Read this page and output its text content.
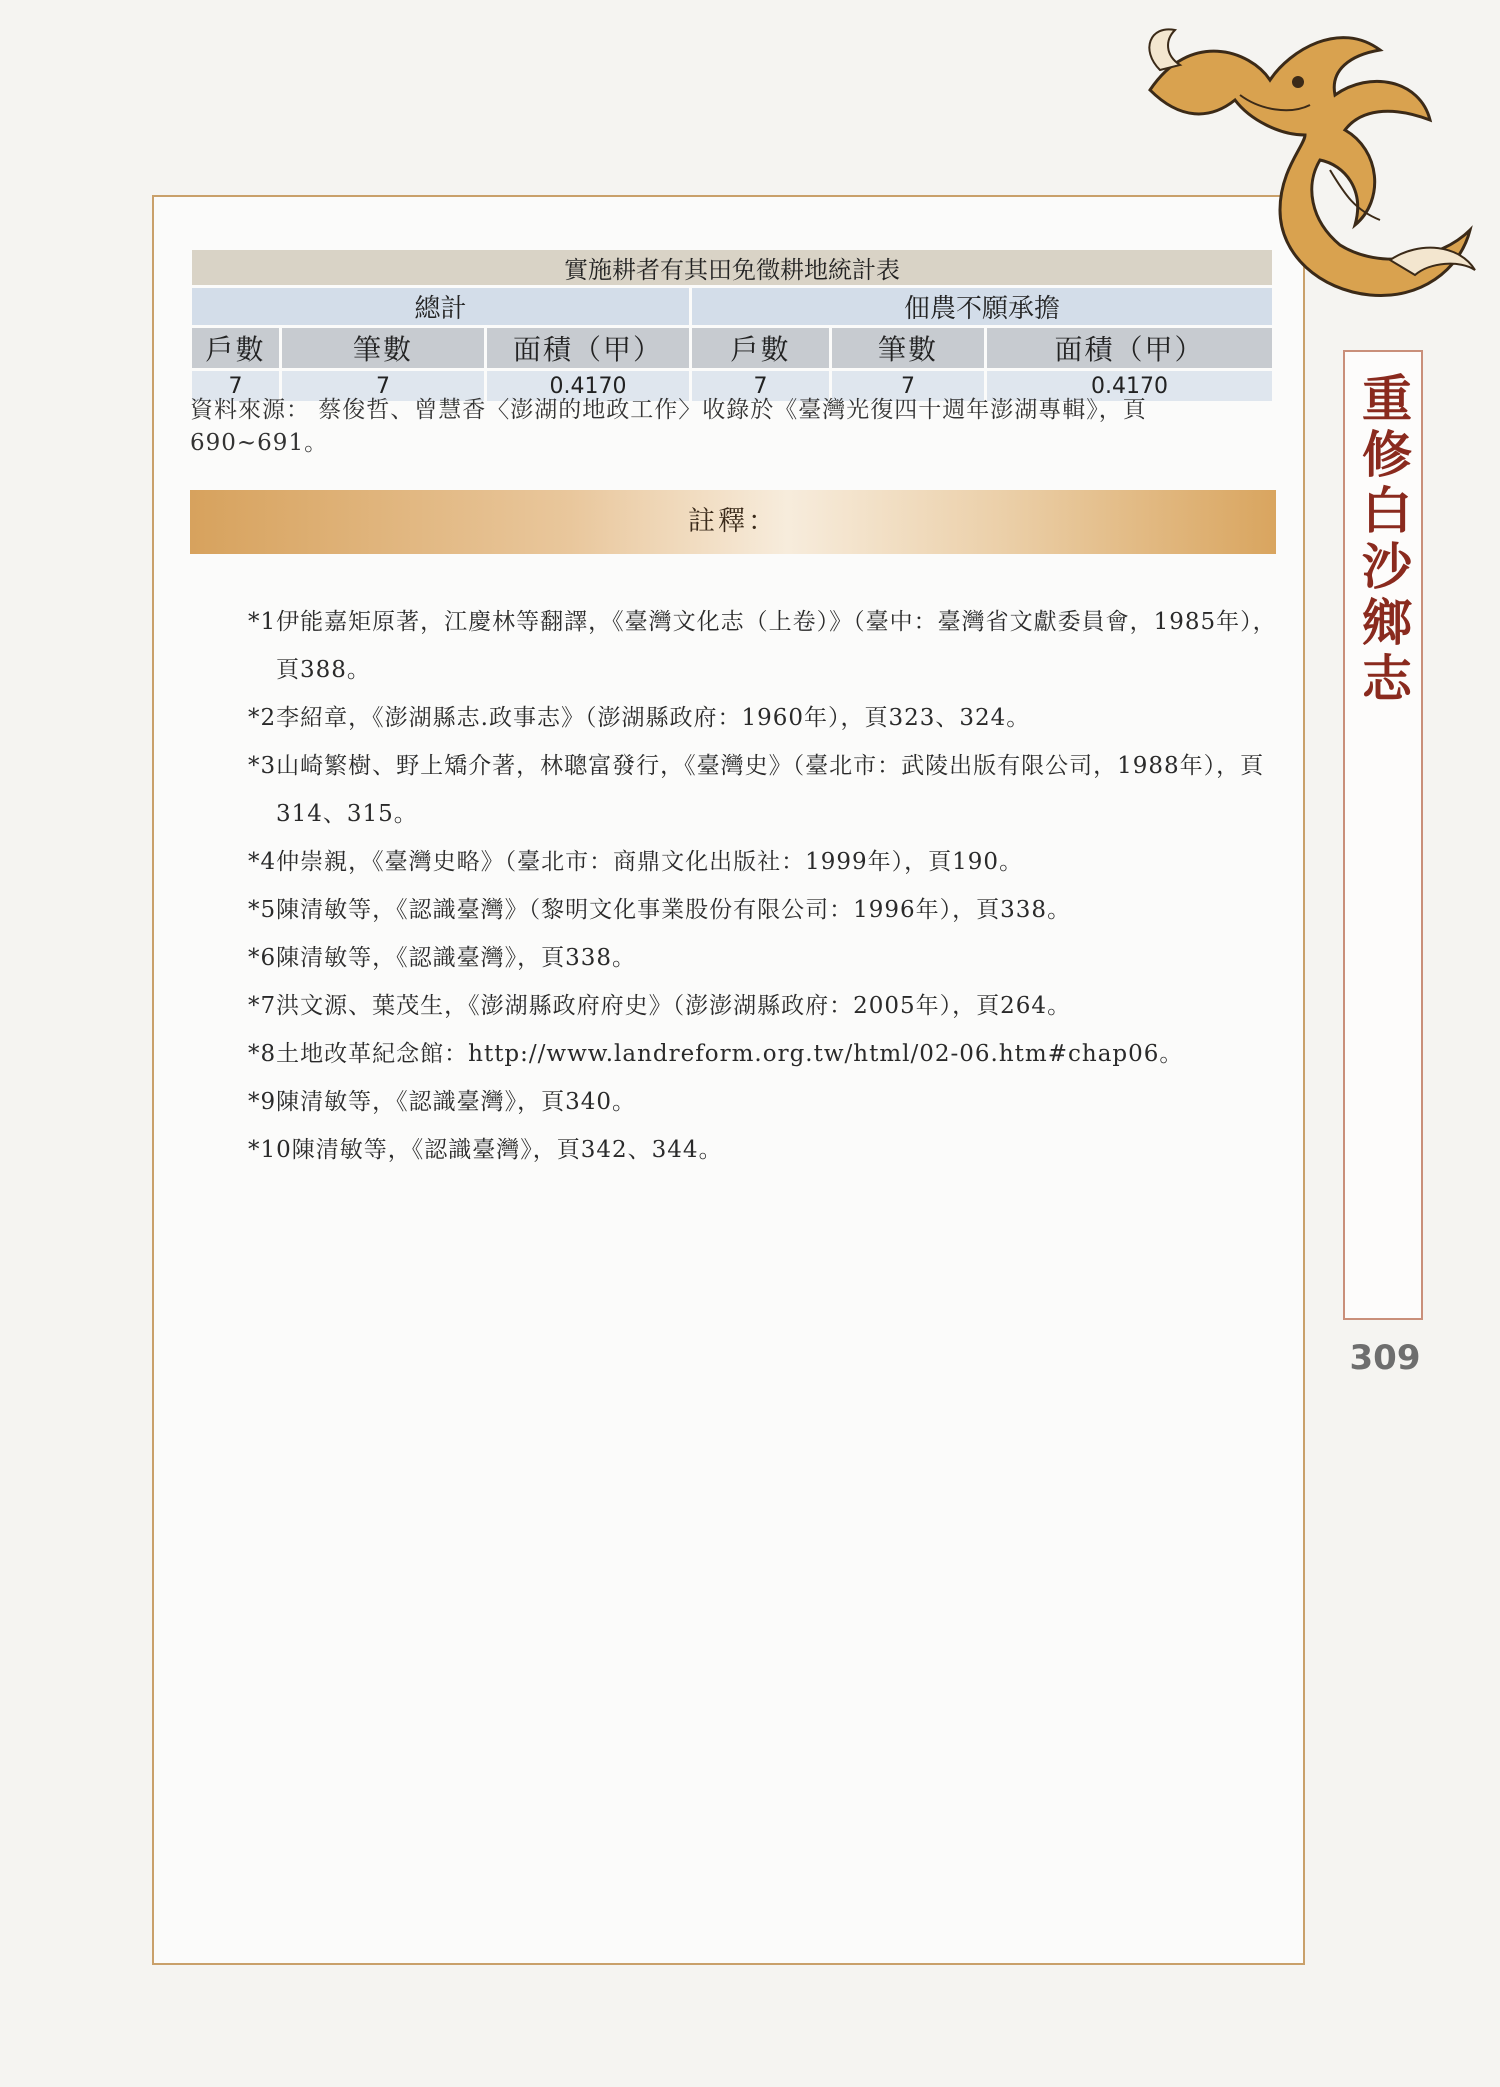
重修白沙鄉志
309
實施耕者有其田免徵耕地統計表					
總計			佃農不願承擔		
戶數	筆數	面積（甲）	戶數	筆數	面積（甲）
7	7	0.4170	7	7	0.4170
資料來源： 蔡俊哲、曾慧香〈澎湖的地政工作〉收錄於《臺灣光復四十週年澎湖專輯》，頁690~691。
註釋：
*1伊能嘉矩原著，江慶林等翻譯，《臺灣文化志（上卷）》（臺中：臺灣省文獻委員會，1985年），頁388。
*2李紹章，《澎湖縣志.政事志》（澎湖縣政府：1960年），頁323、324。
*3山崎繁樹、野上矯介著，林聰富發行，《臺灣史》（臺北市：武陵出版有限公司，1988年），頁314、315。
*4仲崇親，《臺灣史略》（臺北市：商鼎文化出版社：1999年），頁190。
*5陳清敏等，《認識臺灣》（黎明文化事業股份有限公司：1996年），頁338。
*6陳清敏等，《認識臺灣》，頁338。
*7洪文源、葉茂生，《澎湖縣政府府史》（澎澎湖縣政府：2005年），頁264。
*8土地改革紀念館：http://www.landreform.org.tw/html/02-06.htm#chap06。
*9陳清敏等，《認識臺灣》，頁340。
*10陳清敏等，《認識臺灣》，頁342、344。
